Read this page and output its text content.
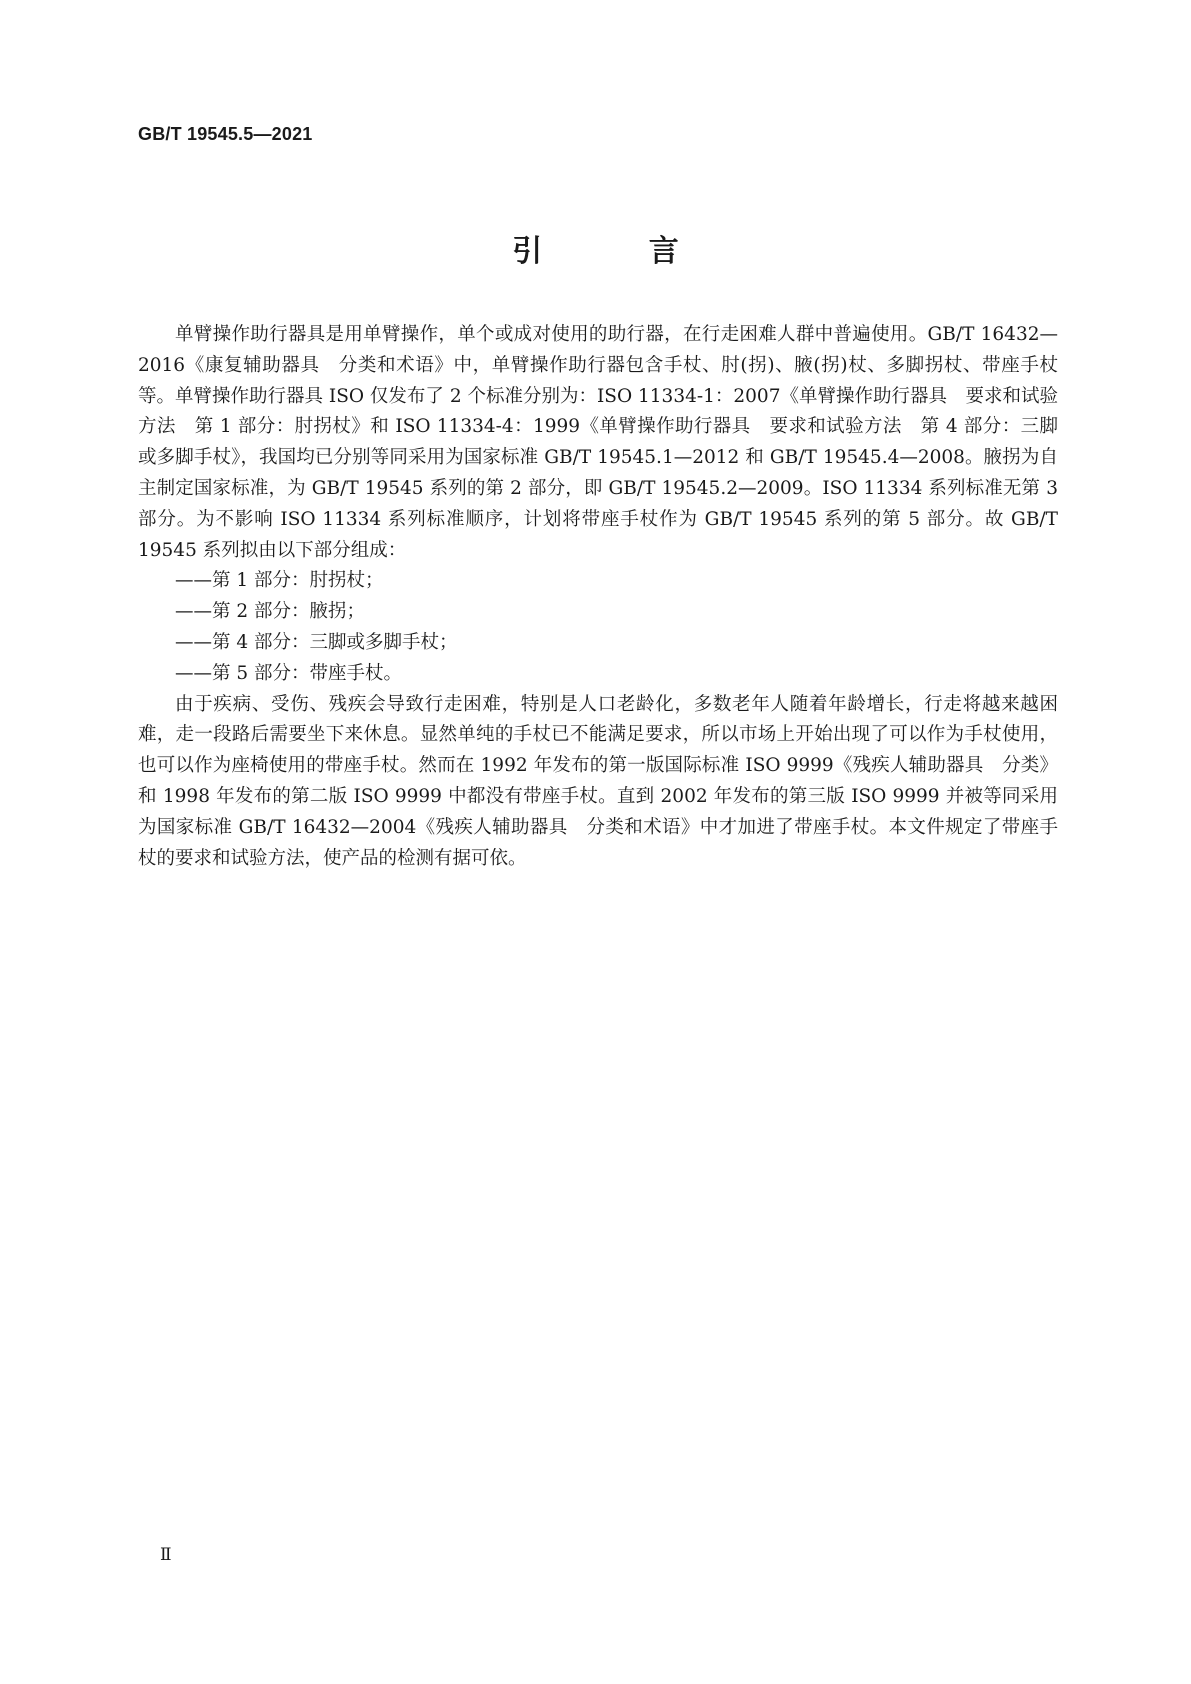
GB/T 19545.5—2021
引 言

单臂操作助行器具是用单臂操作，单个或成对使用的助行器，在行走困难人群中普遍使用。GB/T 16432—2016《康复辅助器具　分类和术语》中，单臂操作助行器包含手杖、肘(拐)、腋(拐)杖、多脚拐杖、带座手杖等。单臂操作助行器具 ISO 仅发布了 2 个标准分别为：ISO 11334-1：2007《单臂操作助行器具　要求和试验方法　第 1 部分：肘拐杖》和 ISO 11334-4：1999《单臂操作助行器具　要求和试验方法　第 4 部分：三脚或多脚手杖》，我国均已分别等同采用为国家标准 GB/T 19545.1—2012 和 GB/T 19545.4—2008。腋拐为自主制定国家标准，为 GB/T 19545 系列的第 2 部分，即 GB/T 19545.2—2009。ISO 11334 系列标准无第 3 部分。为不影响 ISO 11334 系列标准顺序，计划将带座手杖作为 GB/T 19545 系列的第 5 部分。故 GB/T 19545 系列拟由以下部分组成：

——第 1 部分：肘拐杖；
——第 2 部分：腋拐；
——第 4 部分：三脚或多脚手杖；
——第 5 部分：带座手杖。

由于疾病、受伤、残疾会导致行走困难，特别是人口老龄化，多数老年人随着年龄增长，行走将越来越困难，走一段路后需要坐下来休息。显然单纯的手杖已不能满足要求，所以市场上开始出现了可以作为手杖使用，也可以作为座椅使用的带座手杖。然而在 1992 年发布的第一版国际标准 ISO 9999《残疾人辅助器具　分类》和 1998 年发布的第二版 ISO 9999 中都没有带座手杖。直到 2002 年发布的第三版 ISO 9999 并被等同采用为国家标准 GB/T 16432—2004《残疾人辅助器具　分类和术语》中才加进了带座手杖。本文件规定了带座手杖的要求和试验方法，使产品的检测有据可依。

Ⅱ
